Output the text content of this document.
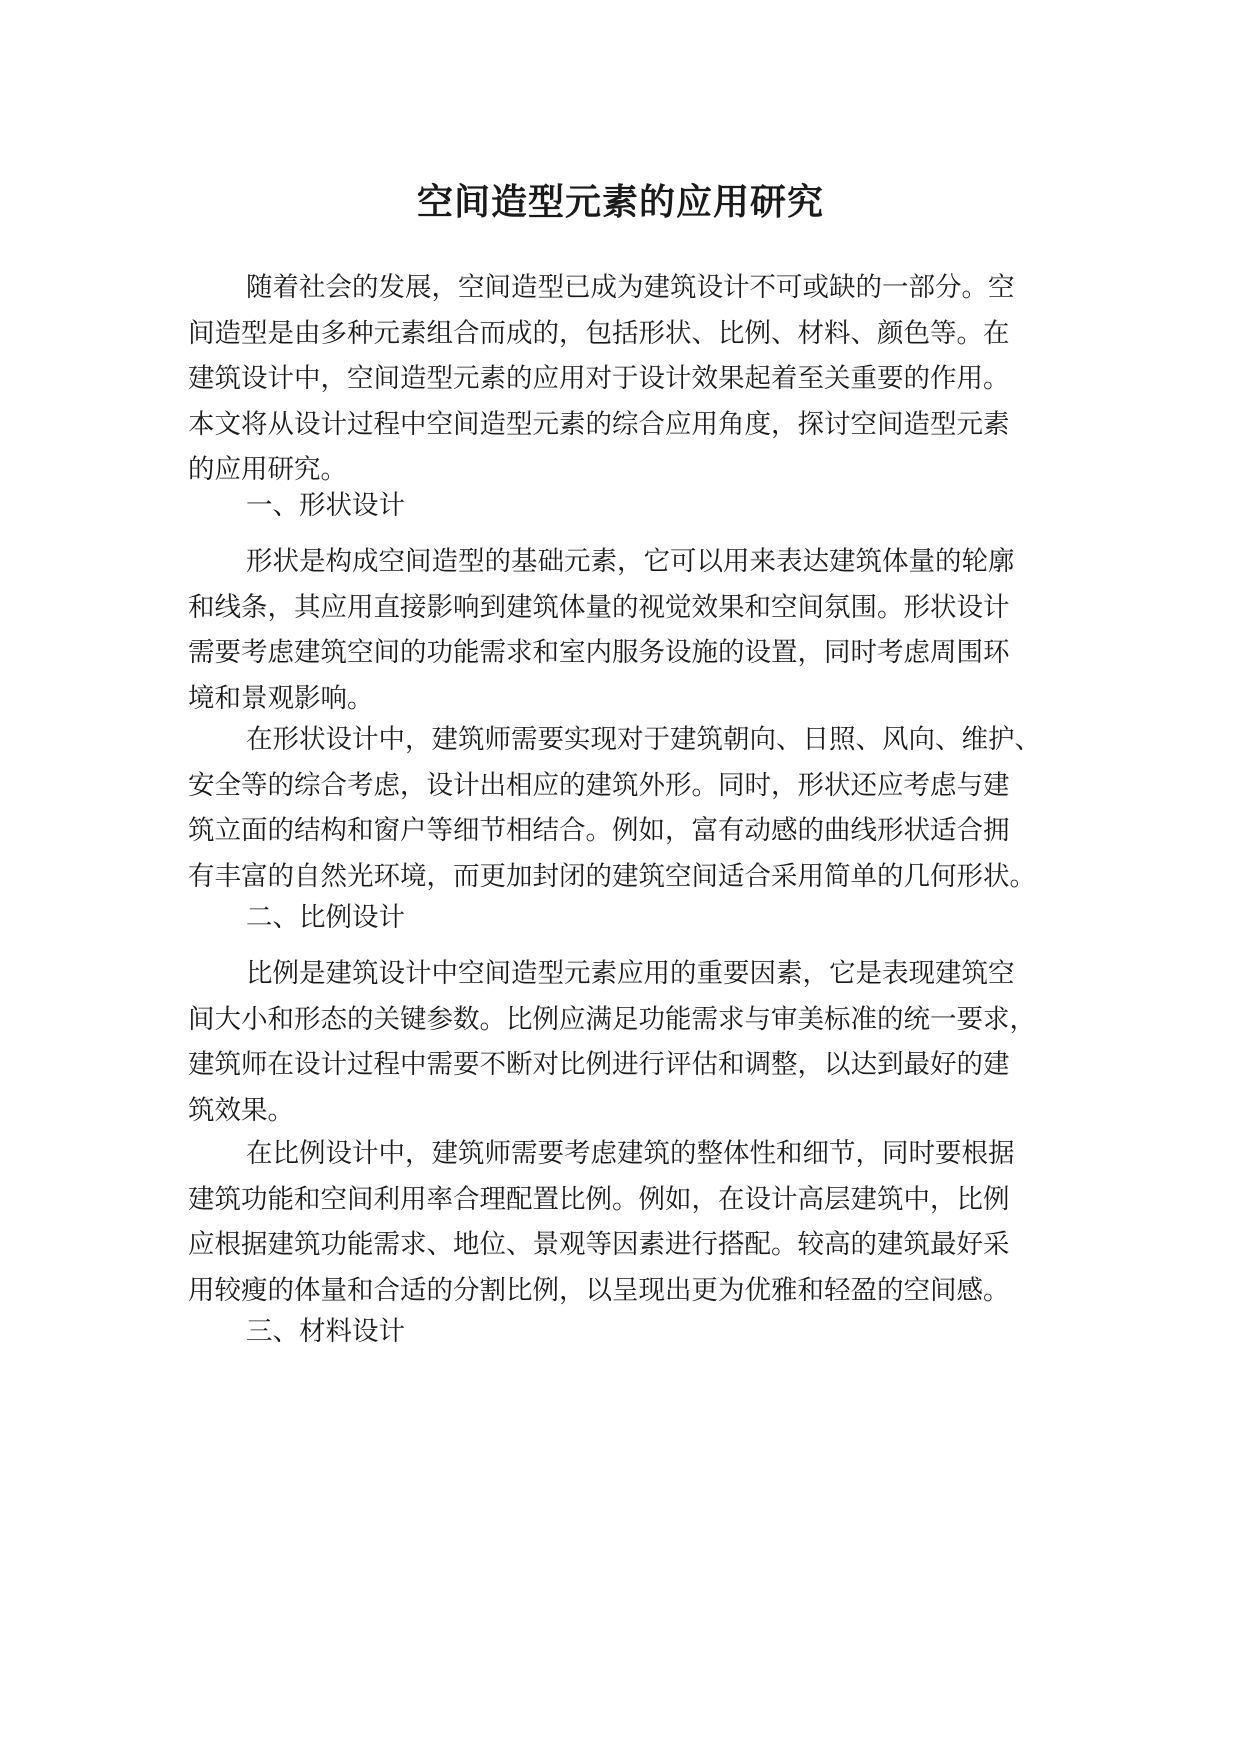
空间造型元素的应用研究

随着社会的发展，空间造型已成为建筑设计不可或缺的一部分。空
间造型是由多种元素组合而成的，包括形状、比例、材料、颜色等。在
建筑设计中，空间造型元素的应用对于设计效果起着至关重要的作用。
本文将从设计过程中空间造型元素的综合应用角度，探讨空间造型元素
的应用研究。

一、形状设计

形状是构成空间造型的基础元素，它可以用来表达建筑体量的轮廓
和线条，其应用直接影响到建筑体量的视觉效果和空间氛围。形状设计
需要考虑建筑空间的功能需求和室内服务设施的设置，同时考虑周围环
境和景观影响。

在形状设计中，建筑师需要实现对于建筑朝向、日照、风向、维护、
安全等的综合考虑，设计出相应的建筑外形。同时，形状还应考虑与建
筑立面的结构和窗户等细节相结合。例如，富有动感的曲线形状适合拥
有丰富的自然光环境，而更加封闭的建筑空间适合采用简单的几何形状。

二、比例设计

比例是建筑设计中空间造型元素应用的重要因素，它是表现建筑空
间大小和形态的关键参数。比例应满足功能需求与审美标准的统一要求，
建筑师在设计过程中需要不断对比例进行评估和调整，以达到最好的建
筑效果。

在比例设计中，建筑师需要考虑建筑的整体性和细节，同时要根据
建筑功能和空间利用率合理配置比例。例如，在设计高层建筑中，比例
应根据建筑功能需求、地位、景观等因素进行搭配。较高的建筑最好采
用较瘦的体量和合适的分割比例，以呈现出更为优雅和轻盈的空间感。

三、材料设计
